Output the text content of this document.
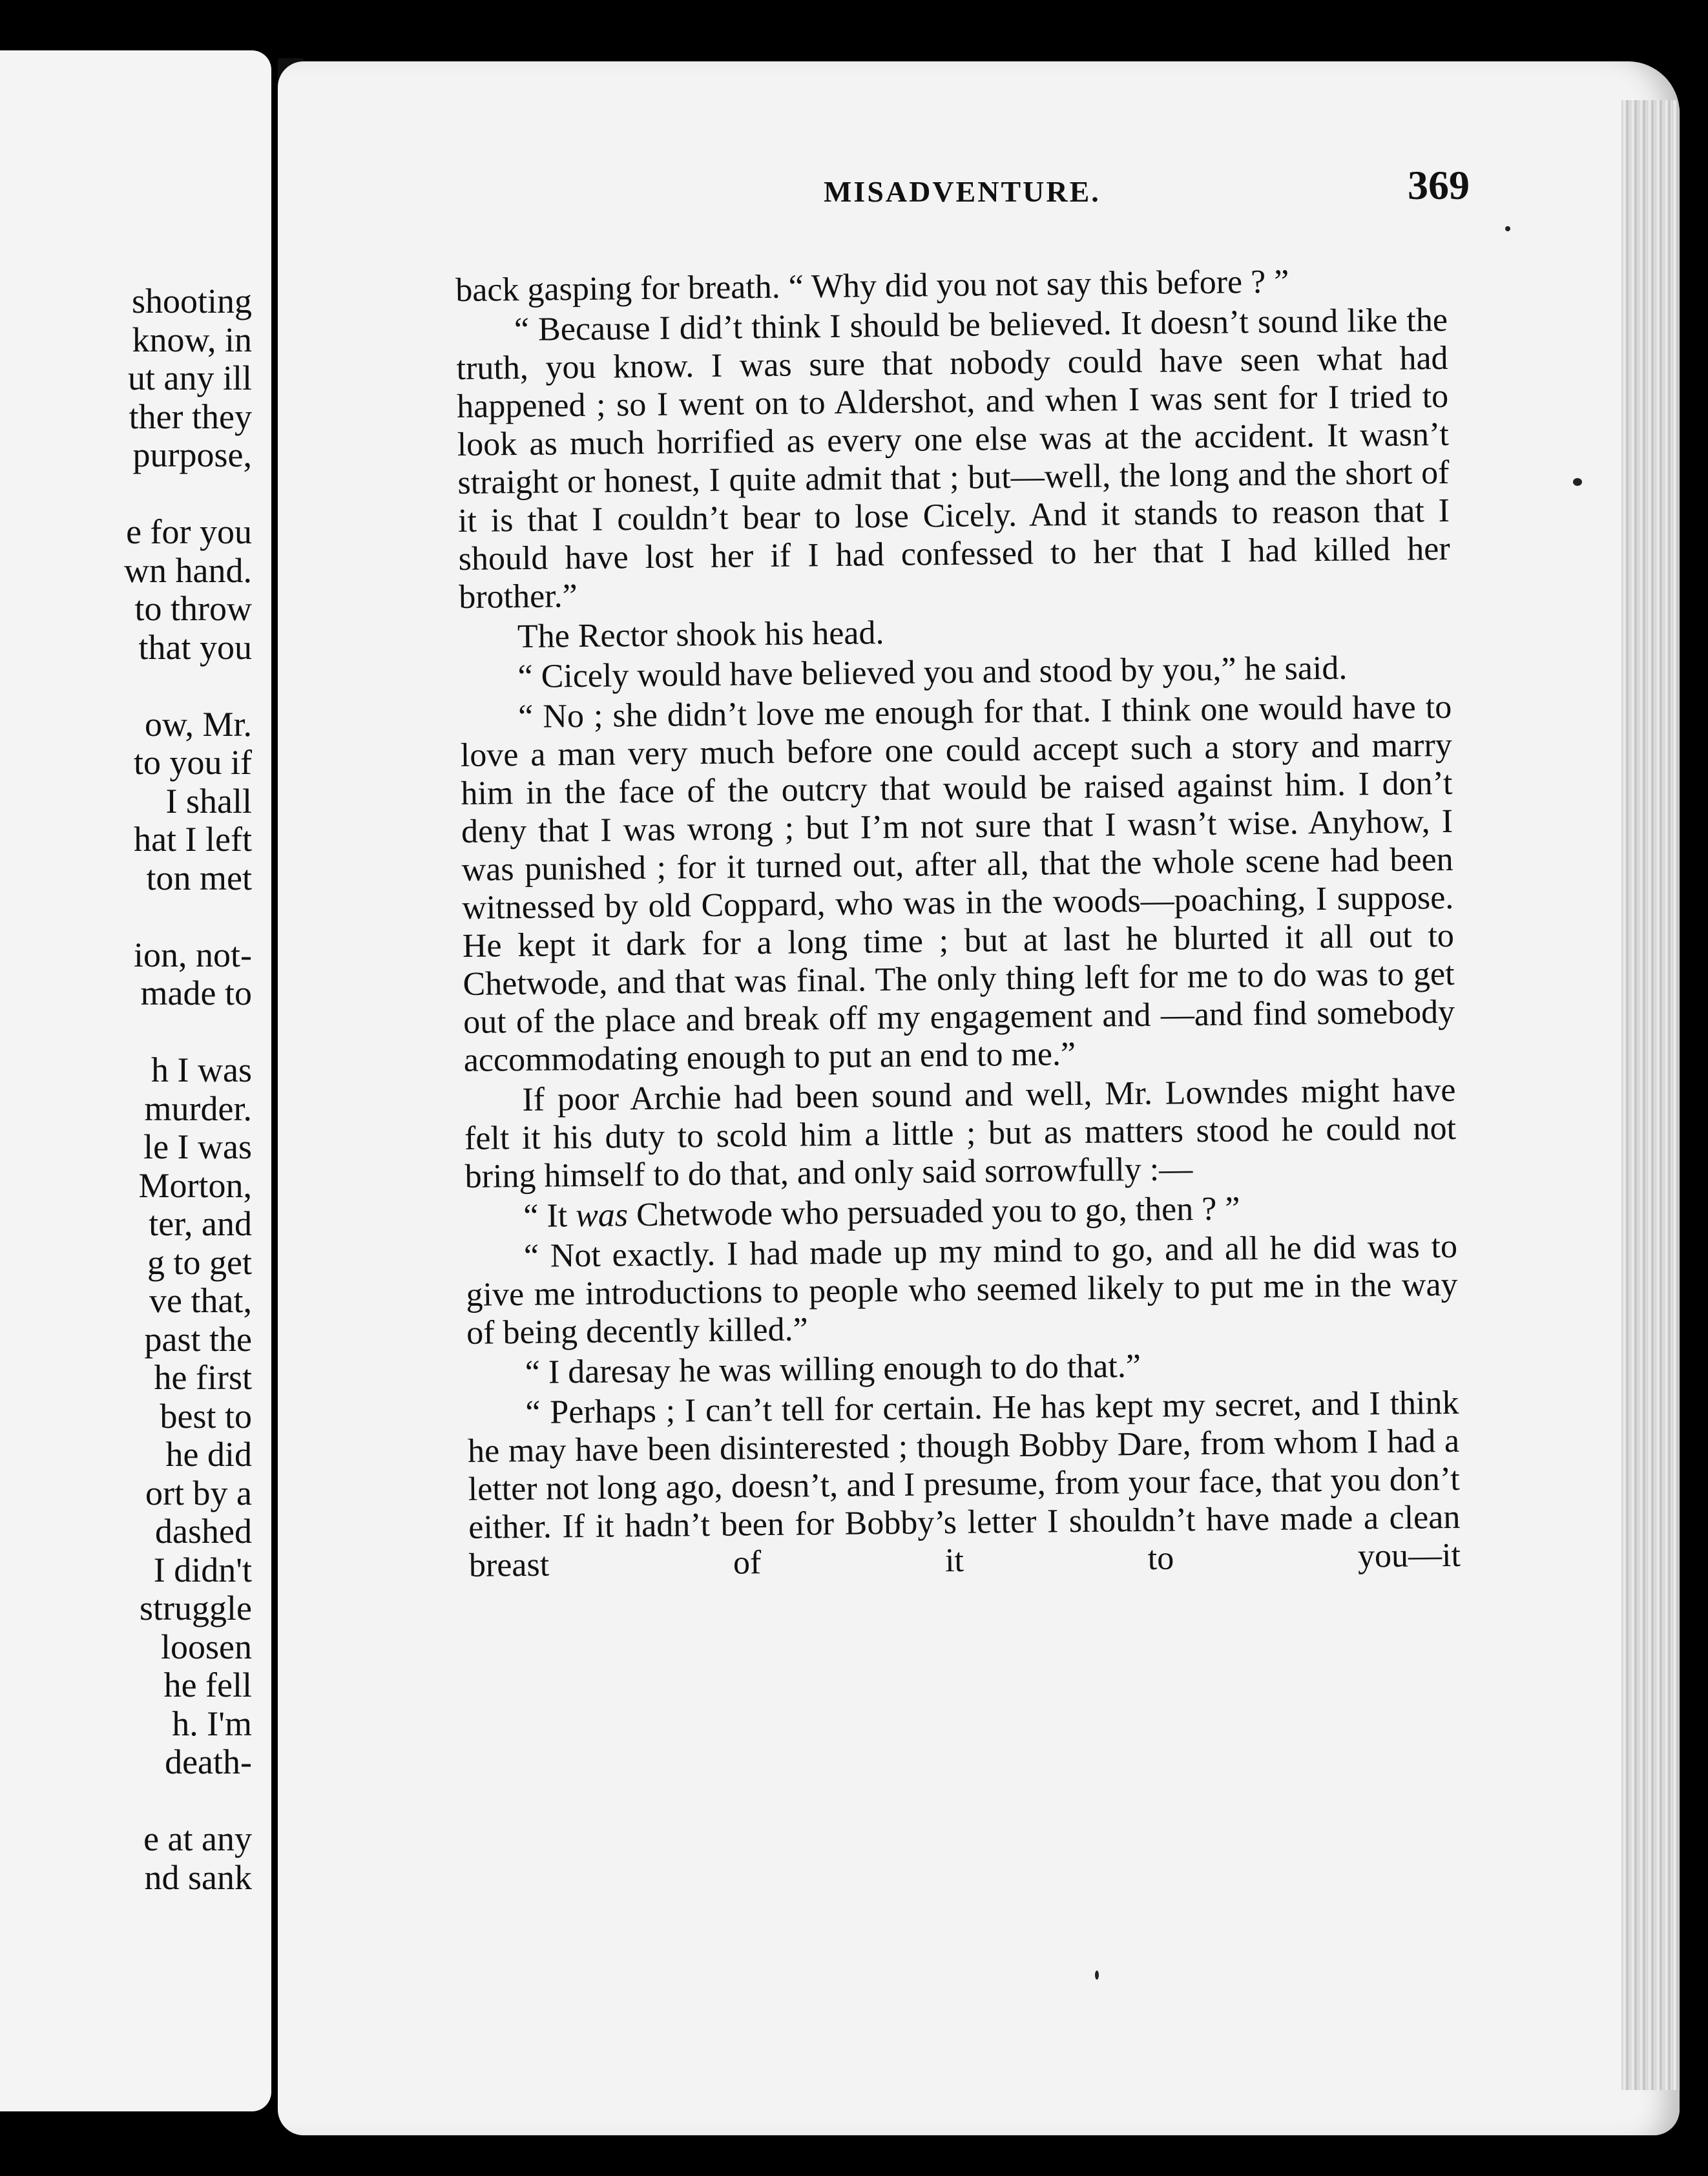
shooting
know, in
ut any ill
ther they
purpose,
e for you
wn hand.
to throw
that you
ow, Mr.
to you if
I shall
hat I left
ton met
ion, not-
made to
h I was
murder.
le I was
Morton,
ter, and
g to get
ve that,
past the
he first
best to
he did
ort by a
dashed
I didn't
struggle
loosen
he fell
h. I'm
death-
e at any
nd sank
MISADVENTURE.	369

back gasping for breath. “ Why did you not say this before ? ”

“ Because I did’t think I should be believed. It doesn’t sound like the truth, you know. I was sure that nobody could have seen what had happened ; so I went on to Aldershot, and when I was sent for I tried to look as much horrified as every one else was at the accident. It wasn’t straight or honest, I quite admit that ; but—well, the long and the short of it is that I couldn’t bear to lose Cicely. And it stands to reason that I should have lost her if I had confessed to her that I had killed her brother.”

The Rector shook his head.

“ Cicely would have believed you and stood by you,” he said.

“ No ; she didn’t love me enough for that. I think one would have to love a man very much before one could accept such a story and marry him in the face of the outcry that would be raised against him. I don’t deny that I was wrong ; but I’m not sure that I wasn’t wise. Anyhow, I was punished ; for it turned out, after all, that the whole scene had been witnessed by old Coppard, who was in the woods—poaching, I suppose. He kept it dark for a long time ; but at last he blurted it all out to Chetwode, and that was final. The only thing left for me to do was to get out of the place and break off my engagement and —and find somebody accommodating enough to put an end to me.”

If poor Archie had been sound and well, Mr. Lowndes might have felt it his duty to scold him a little ; but as matters stood he could not bring himself to do that, and only said sorrowfully :—

“ It was Chetwode who persuaded you to go, then ? ”

“ Not exactly. I had made up my mind to go, and all he did was to give me introductions to people who seemed likely to put me in the way of being decently killed.”

“ I daresay he was willing enough to do that.”

“ Perhaps ; I can’t tell for certain. He has kept my secret, and I think he may have been disinterested ; though Bobby Dare, from whom I had a letter not long ago, doesn’t, and I presume, from your face, that you don’t either. If it hadn’t been for Bobby’s letter I shouldn’t have made a clean breast of it to you—it
